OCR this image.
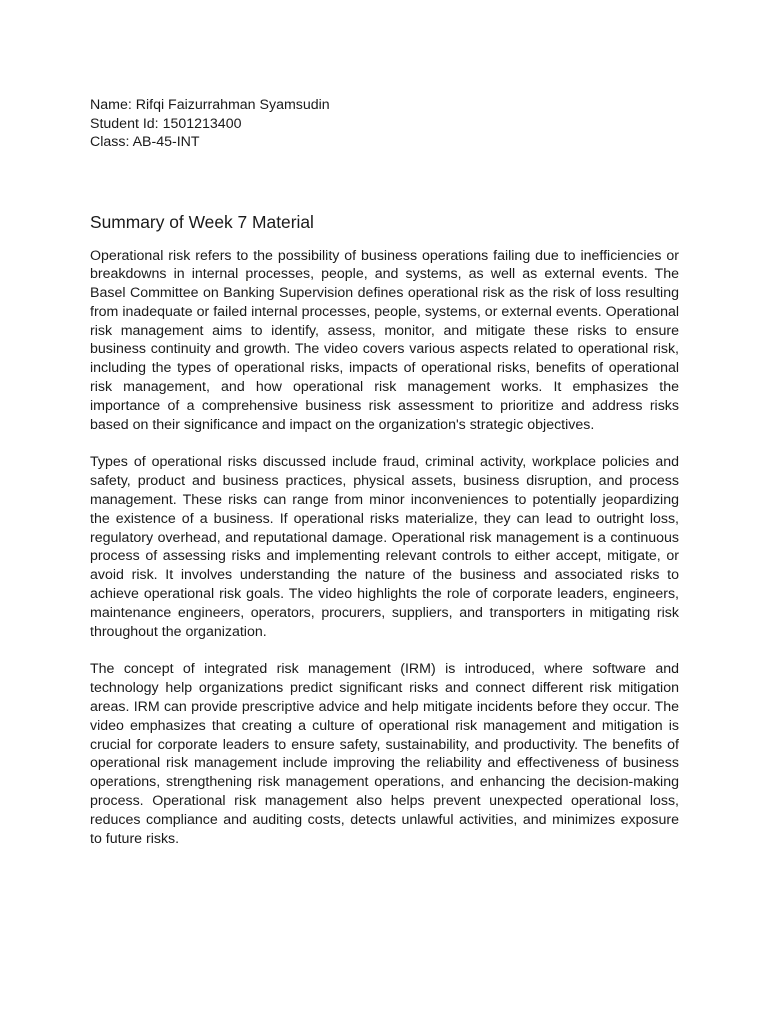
Name: Rifqi Faizurrahman Syamsudin
Student Id: 1501213400
Class: AB-45-INT
Summary of Week 7 Material

Operational risk refers to the possibility of business operations failing due to inefficiencies or breakdowns in internal processes, people, and systems, as well as external events. The Basel Committee on Banking Supervision defines operational risk as the risk of loss resulting from inadequate or failed internal processes, people, systems, or external events. Operational risk management aims to identify, assess, monitor, and mitigate these risks to ensure business continuity and growth. The video covers various aspects related to operational risk, including the types of operational risks, impacts of operational risks, benefits of operational risk management, and how operational risk management works. It emphasizes the importance of a comprehensive business risk assessment to prioritize and address risks based on their significance and impact on the organization's strategic objectives.

Types of operational risks discussed include fraud, criminal activity, workplace policies and safety, product and business practices, physical assets, business disruption, and process management. These risks can range from minor inconveniences to potentially jeopardizing the existence of a business. If operational risks materialize, they can lead to outright loss, regulatory overhead, and reputational damage. Operational risk management is a continuous process of assessing risks and implementing relevant controls to either accept, mitigate, or avoid risk. It involves understanding the nature of the business and associated risks to achieve operational risk goals. The video highlights the role of corporate leaders, engineers, maintenance engineers, operators, procurers, suppliers, and transporters in mitigating risk throughout the organization.

The concept of integrated risk management (IRM) is introduced, where software and technology help organizations predict significant risks and connect different risk mitigation areas. IRM can provide prescriptive advice and help mitigate incidents before they occur. The video emphasizes that creating a culture of operational risk management and mitigation is crucial for corporate leaders to ensure safety, sustainability, and productivity. The benefits of operational risk management include improving the reliability and effectiveness of business operations, strengthening risk management operations, and enhancing the decision-making process. Operational risk management also helps prevent unexpected operational loss, reduces compliance and auditing costs, detects unlawful activities, and minimizes exposure to future risks.
